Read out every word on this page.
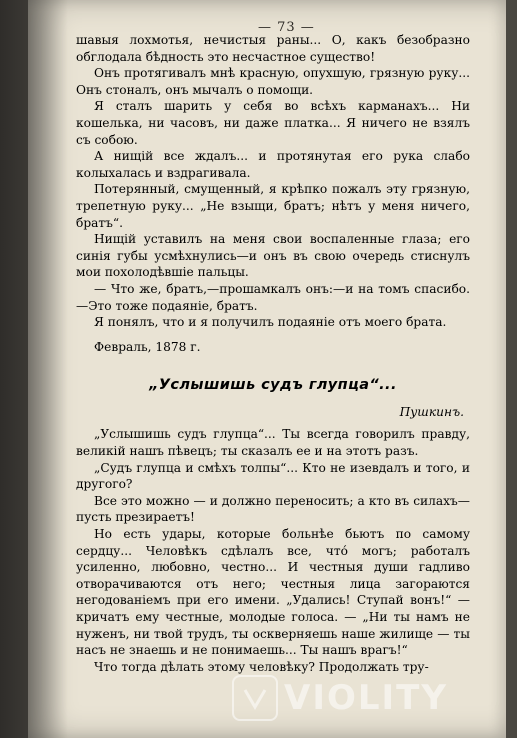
— 73 —

шавыя лохмотья, нечистыя раны... О, какъ безобразно обглодала бѣдность это несчастное существо!

Онъ протягивалъ мнѣ красную, опухшую, грязную руку... Онъ стоналъ, онъ мычалъ о помощи.

Я сталъ шарить у себя во всѣхъ карманахъ... Ни кошелька, ни часовъ, ни даже платка... Я ничего не взялъ съ собою.

А нищій все ждалъ... и протянутая его рука слабо колыхалась и вздрагивала.

Потерянный, смущенный, я крѣпко пожалъ эту грязную, трепетную руку... „Не взыщи, братъ; нѣтъ у меня ничего, братъ“.

Нищій уставилъ на меня свои воспаленные глаза; его синія губы усмѣхнулись—и онъ въ свою очередь стиснулъ мои похолодѣвшіе пальцы.

— Что же, братъ,—прошамкалъ онъ:—и на томъ спасибо.—Это тоже подаяніе, братъ.

Я понялъ, что и я получилъ подаяніе отъ моего брата.

Февраль, 1878 г.

„Услышишь судъ глупца“...

Пушкинъ.

„Услышишь судъ глупца“... Ты всегда говорилъ правду, великій нашъ пѣвецъ; ты сказалъ ее и на этотъ разъ.

„Судъ глупца и смѣхъ толпы“... Кто не изевдалъ и того, и другого?

Все это можно — и должно переносить; а кто въ силахъ—пусть презираетъ!

Но есть удары, которые больнѣе бьютъ по самому сердцу... Человѣкъ сдѣлалъ все, что́ могъ; работалъ усиленно, любовно, честно... И честныя души гадливо отворачиваются отъ него; честныя лица загораются негодованіемъ при его имени. „Удались! Ступай вонъ!“ — кричатъ ему честные, молодые голоса. — „Ни ты намъ не нуженъ, ни твой трудъ, ты оскверняешь наше жилище — ты насъ не знаешь и не понимаешь... Ты нашъ врагъ!“

Что тогда дѣлать этому человѣку? Продолжать тру-

VIOLITY
